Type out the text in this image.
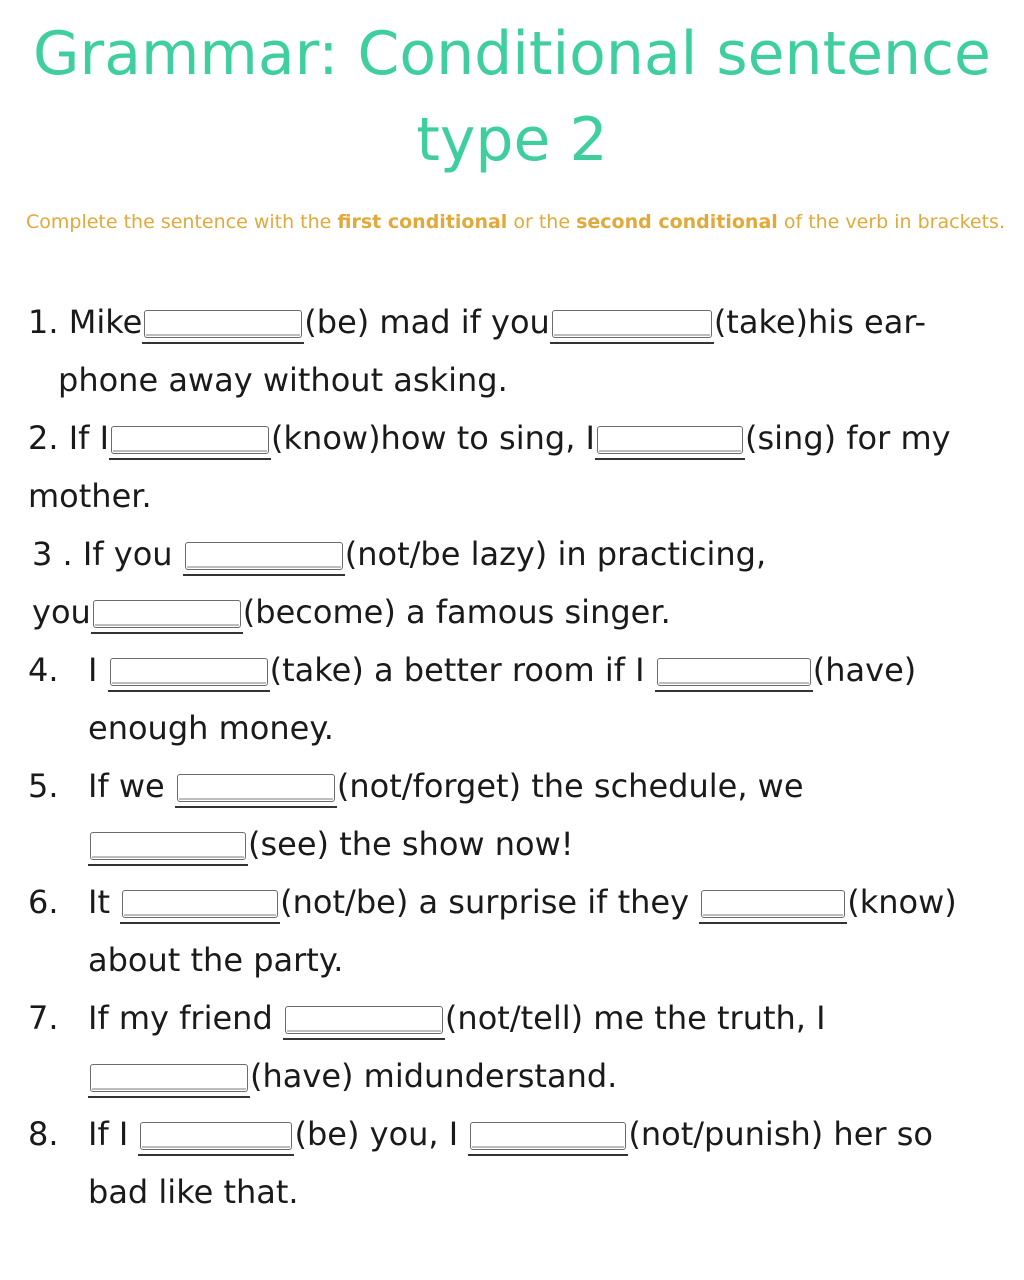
Grammar: Conditional sentence
type 2

Complete the sentence with the first conditional or the second conditional of the verb in brackets.

1. Mike	(be) mad if you	(take)his ear-
phone away without asking.
2. If I	(know)how to sing, I	(sing) for my
mother.
3 . If you	(not/be lazy) in practicing,
you	(become) a famous singer.
4. I	(take) a better room if I	(have)
enough money.
5. If we	(not/forget) the schedule, we
(see) the show now!
6. It	(not/be) a surprise if they	(know)
about the party.
7. If my friend	(not/tell) me the truth, I
(have) midunderstand.
8. If I	(be) you, I	(not/punish) her so
bad like that.
